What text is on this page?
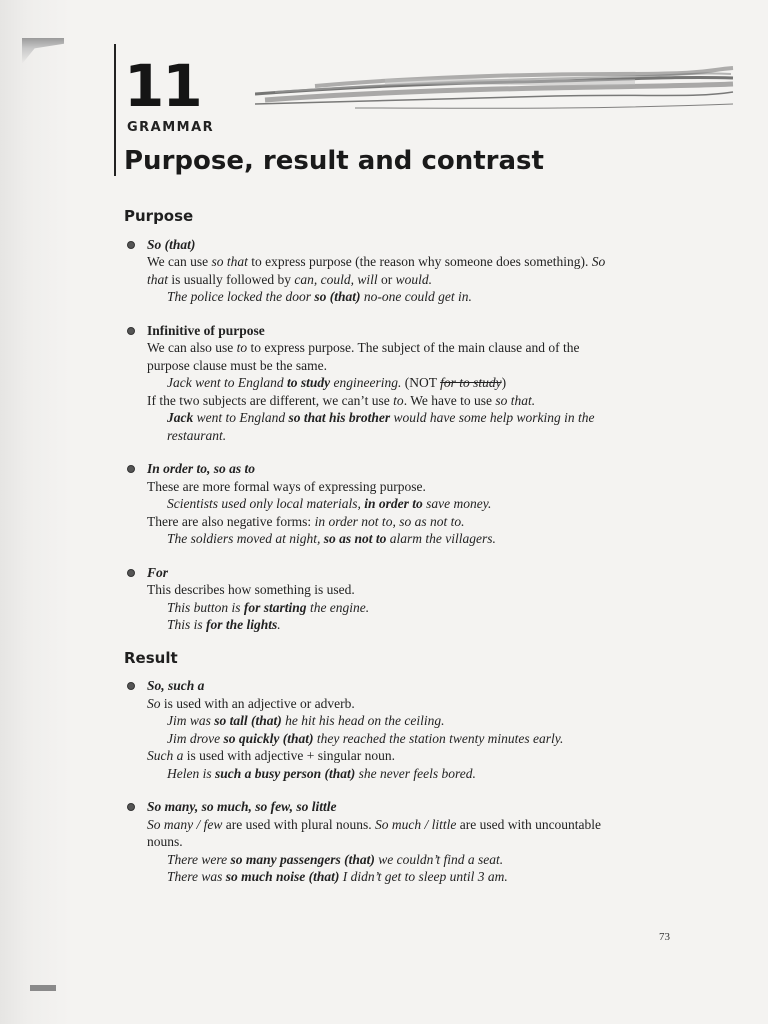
11
GRAMMAR
Purpose, result and contrast
Purpose
So (that)
We can use so that to express purpose (the reason why someone does something). So
that is usually followed by can, could, will or would.
The police locked the door so (that) no-one could get in.
Infinitive of purpose
We can also use to to express purpose. The subject of the main clause and of the
purpose clause must be the same.
Jack went to England to study engineering. (NOT for to study)
If the two subjects are different, we can’t use to. We have to use so that.
Jack went to England so that his brother would have some help working in the
restaurant.
In order to, so as to
These are more formal ways of expressing purpose.
Scientists used only local materials, in order to save money.
There are also negative forms: in order not to, so as not to.
The soldiers moved at night, so as not to alarm the villagers.
For
This describes how something is used.
This button is for starting the engine.
This is for the lights.
Result
So, such a
So is used with an adjective or adverb.
Jim was so tall (that) he hit his head on the ceiling.
Jim drove so quickly (that) they reached the station twenty minutes early.
Such a is used with adjective + singular noun.
Helen is such a busy person (that) she never feels bored.
So many, so much, so few, so little
So many / few are used with plural nouns. So much / little are used with uncountable
nouns.
There were so many passengers (that) we couldn’t find a seat.
There was so much noise (that) I didn’t get to sleep until 3 am.
73
